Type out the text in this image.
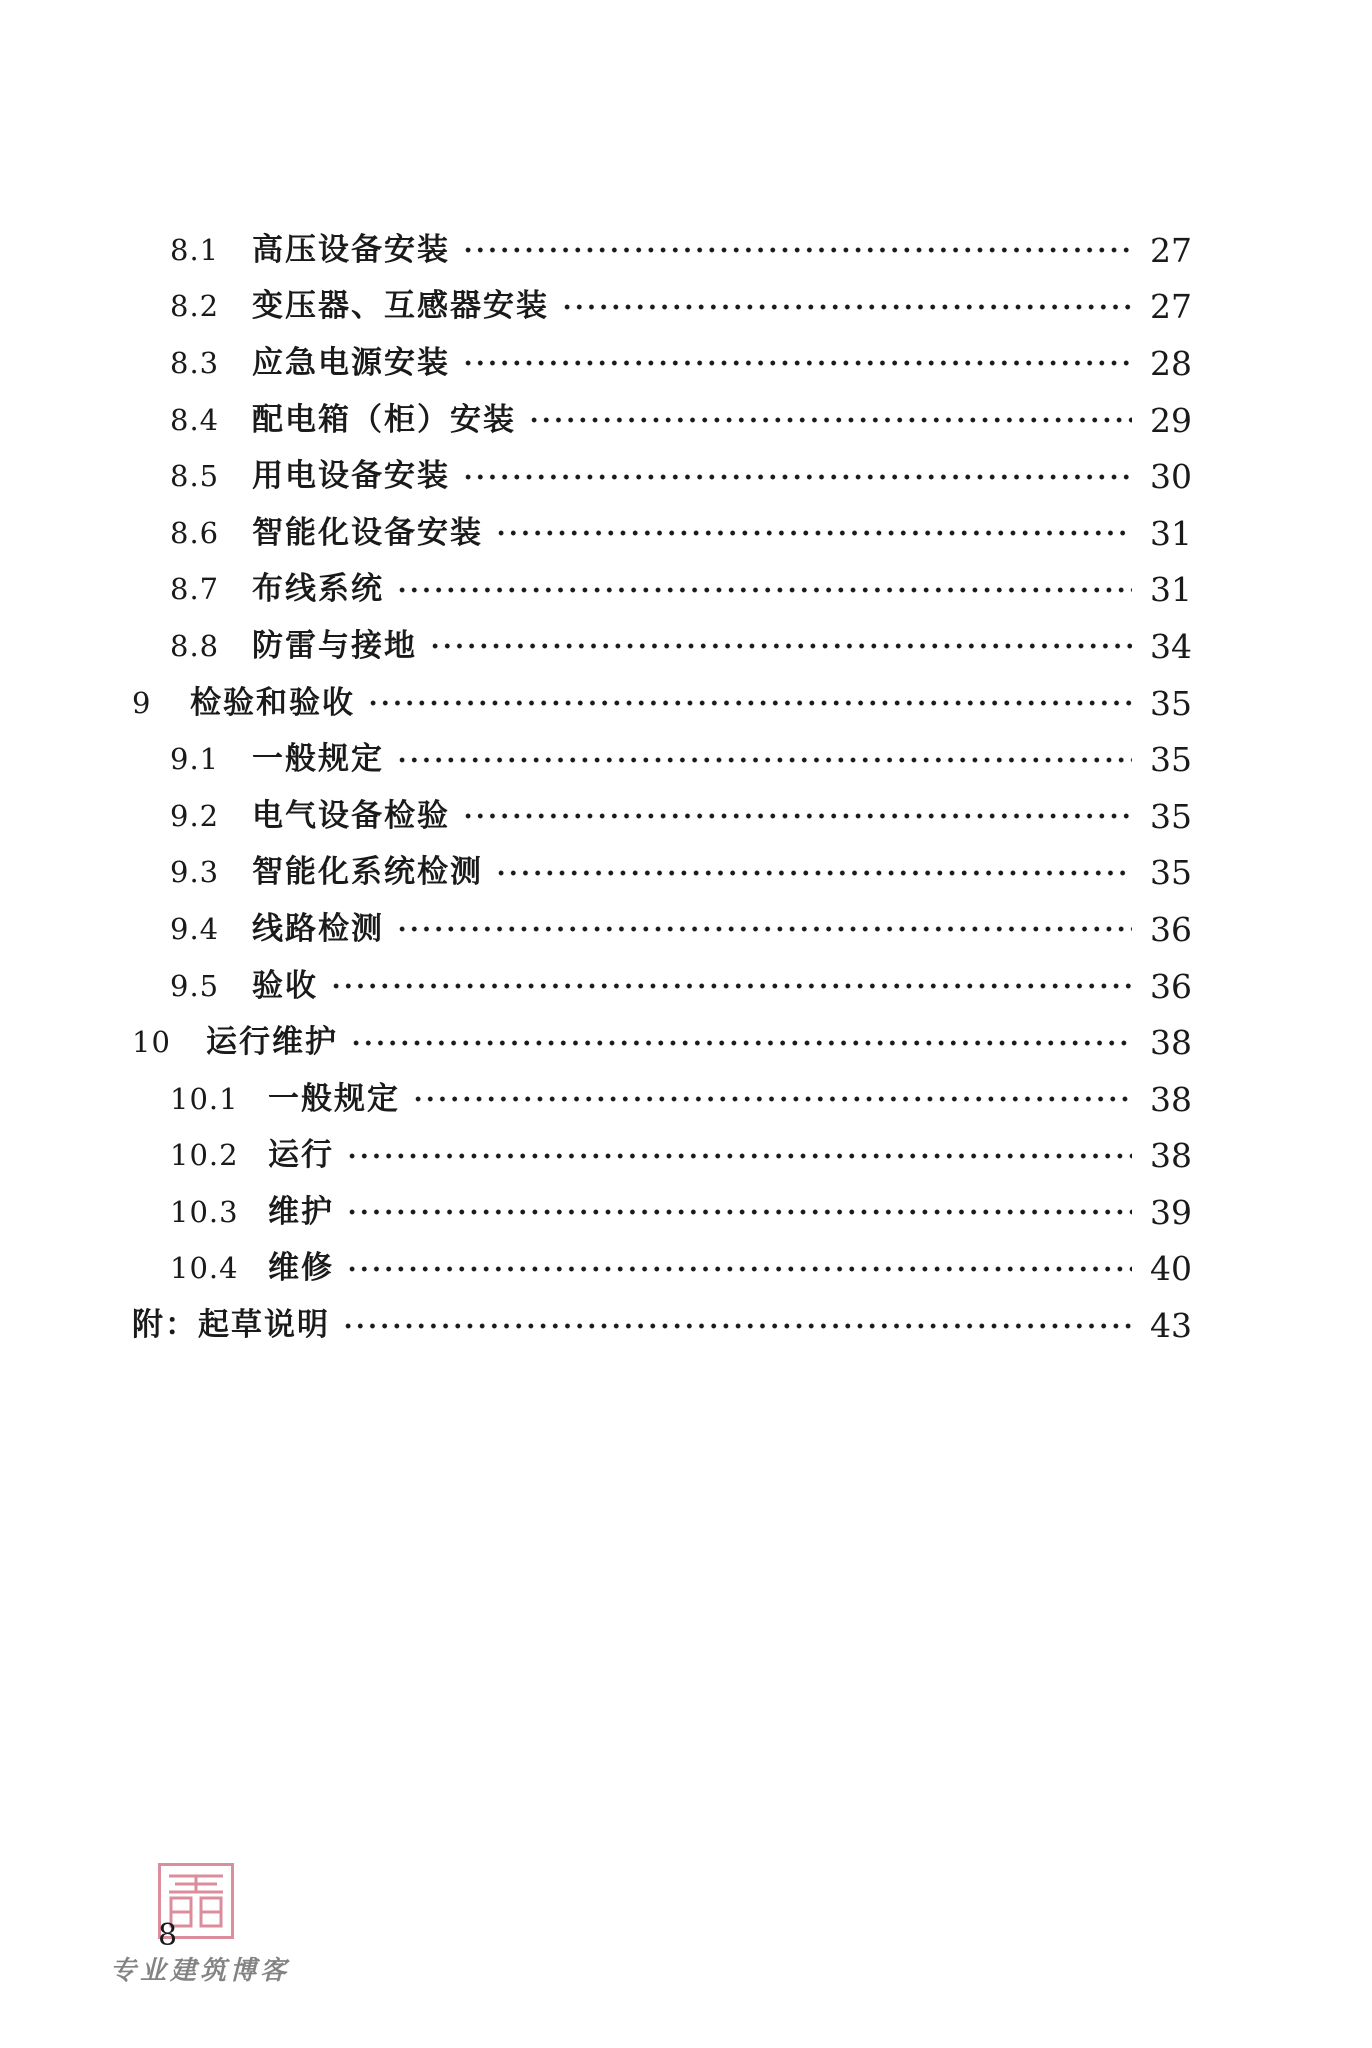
8.1	高压设备安装	27
8.2	变压器、互感器安装	27
8.3	应急电源安装	28
8.4	配电箱（柜）安装	29
8.5	用电设备安装	30
8.6	智能化设备安装	31
8.7	布线系统	31
8.8	防雷与接地	34
9	检验和验收	35
9.1	一般规定	35
9.2	电气设备检验	35
9.3	智能化系统检测	35
9.4	线路检测	36
9.5	验收	36
10	运行维护	38
10.1 一般规定	38
10.2 运行	38
10.3 维护	39
10.4 维修	40
附：起草说明	43
8
专业建筑博客
